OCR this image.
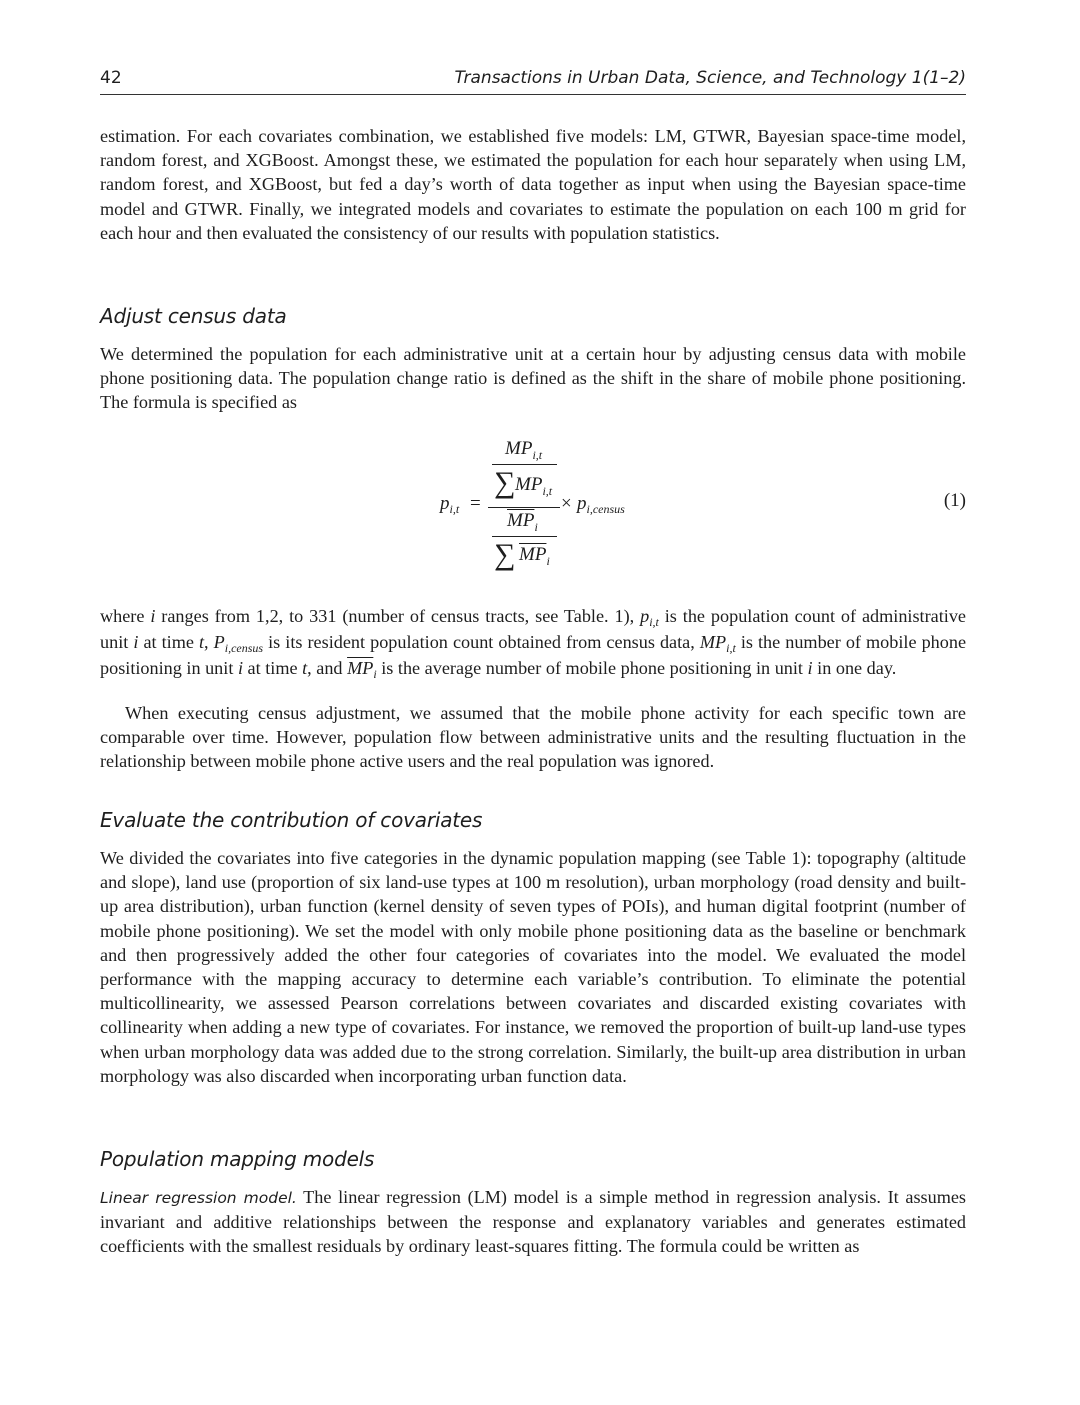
42	Transactions in Urban Data, Science, and Technology 1(1–2)

estimation. For each covariates combination, we established five models: LM, GTWR, Bayesian space-time model, random forest, and XGBoost. Amongst these, we estimated the population for each hour separately when using LM, random forest, and XGBoost, but fed a day’s worth of data together as input when using the Bayesian space-time model and GTWR. Finally, we integrated models and covariates to estimate the population on each 100 m grid for each hour and then evaluated the consistency of our results with population statistics.

Adjust census data

We determined the population for each administrative unit at a certain hour by adjusting census data with mobile phone positioning data. The population change ratio is defined as the shift in the share of mobile phone positioning. The formula is specified as

$p_{i,t}$ =
$MP_{i,t}$
∑ $MP_{i,t}$
$\overline{MP}_i$
∑ $\overline{MP}_i$
× $p_{i,census}$	(1)

where i ranges from 1,2, to 331 (number of census tracts, see Table. 1), $p_{i,t}$ is the population count of administrative unit i at time t, $P_{i,census}$ is its resident population count obtained from census data, $MP_{i,t}$ is the number of mobile phone positioning in unit i at time t, and $\overline{MP}_i$ is the average number of mobile phone positioning in unit i in one day.

When executing census adjustment, we assumed that the mobile phone activity for each specific town are comparable over time. However, population flow between administrative units and the resulting fluctuation in the relationship between mobile phone active users and the real population was ignored.

Evaluate the contribution of covariates

We divided the covariates into five categories in the dynamic population mapping (see Table 1): topography (altitude and slope), land use (proportion of six land-use types at 100 m resolution), urban morphology (road density and built-up area distribution), urban function (kernel density of seven types of POIs), and human digital footprint (number of mobile phone positioning). We set the model with only mobile phone positioning data as the baseline or benchmark and then progressively added the other four categories of covariates into the model. We evaluated the model performance with the mapping accuracy to determine each variable’s contribution. To eliminate the potential multicollinearity, we assessed Pearson correlations between covariates and discarded existing covariates with collinearity when adding a new type of covariates. For instance, we removed the proportion of built-up land-use types when urban morphology data was added due to the strong correlation. Similarly, the built-up area distribution in urban morphology was also discarded when incorporating urban function data.

Population mapping models

Linear regression model. The linear regression (LM) model is a simple method in regression analysis. It assumes invariant and additive relationships between the response and explanatory variables and generates estimated coefficients with the smallest residuals by ordinary least-squares fitting. The formula could be written as
